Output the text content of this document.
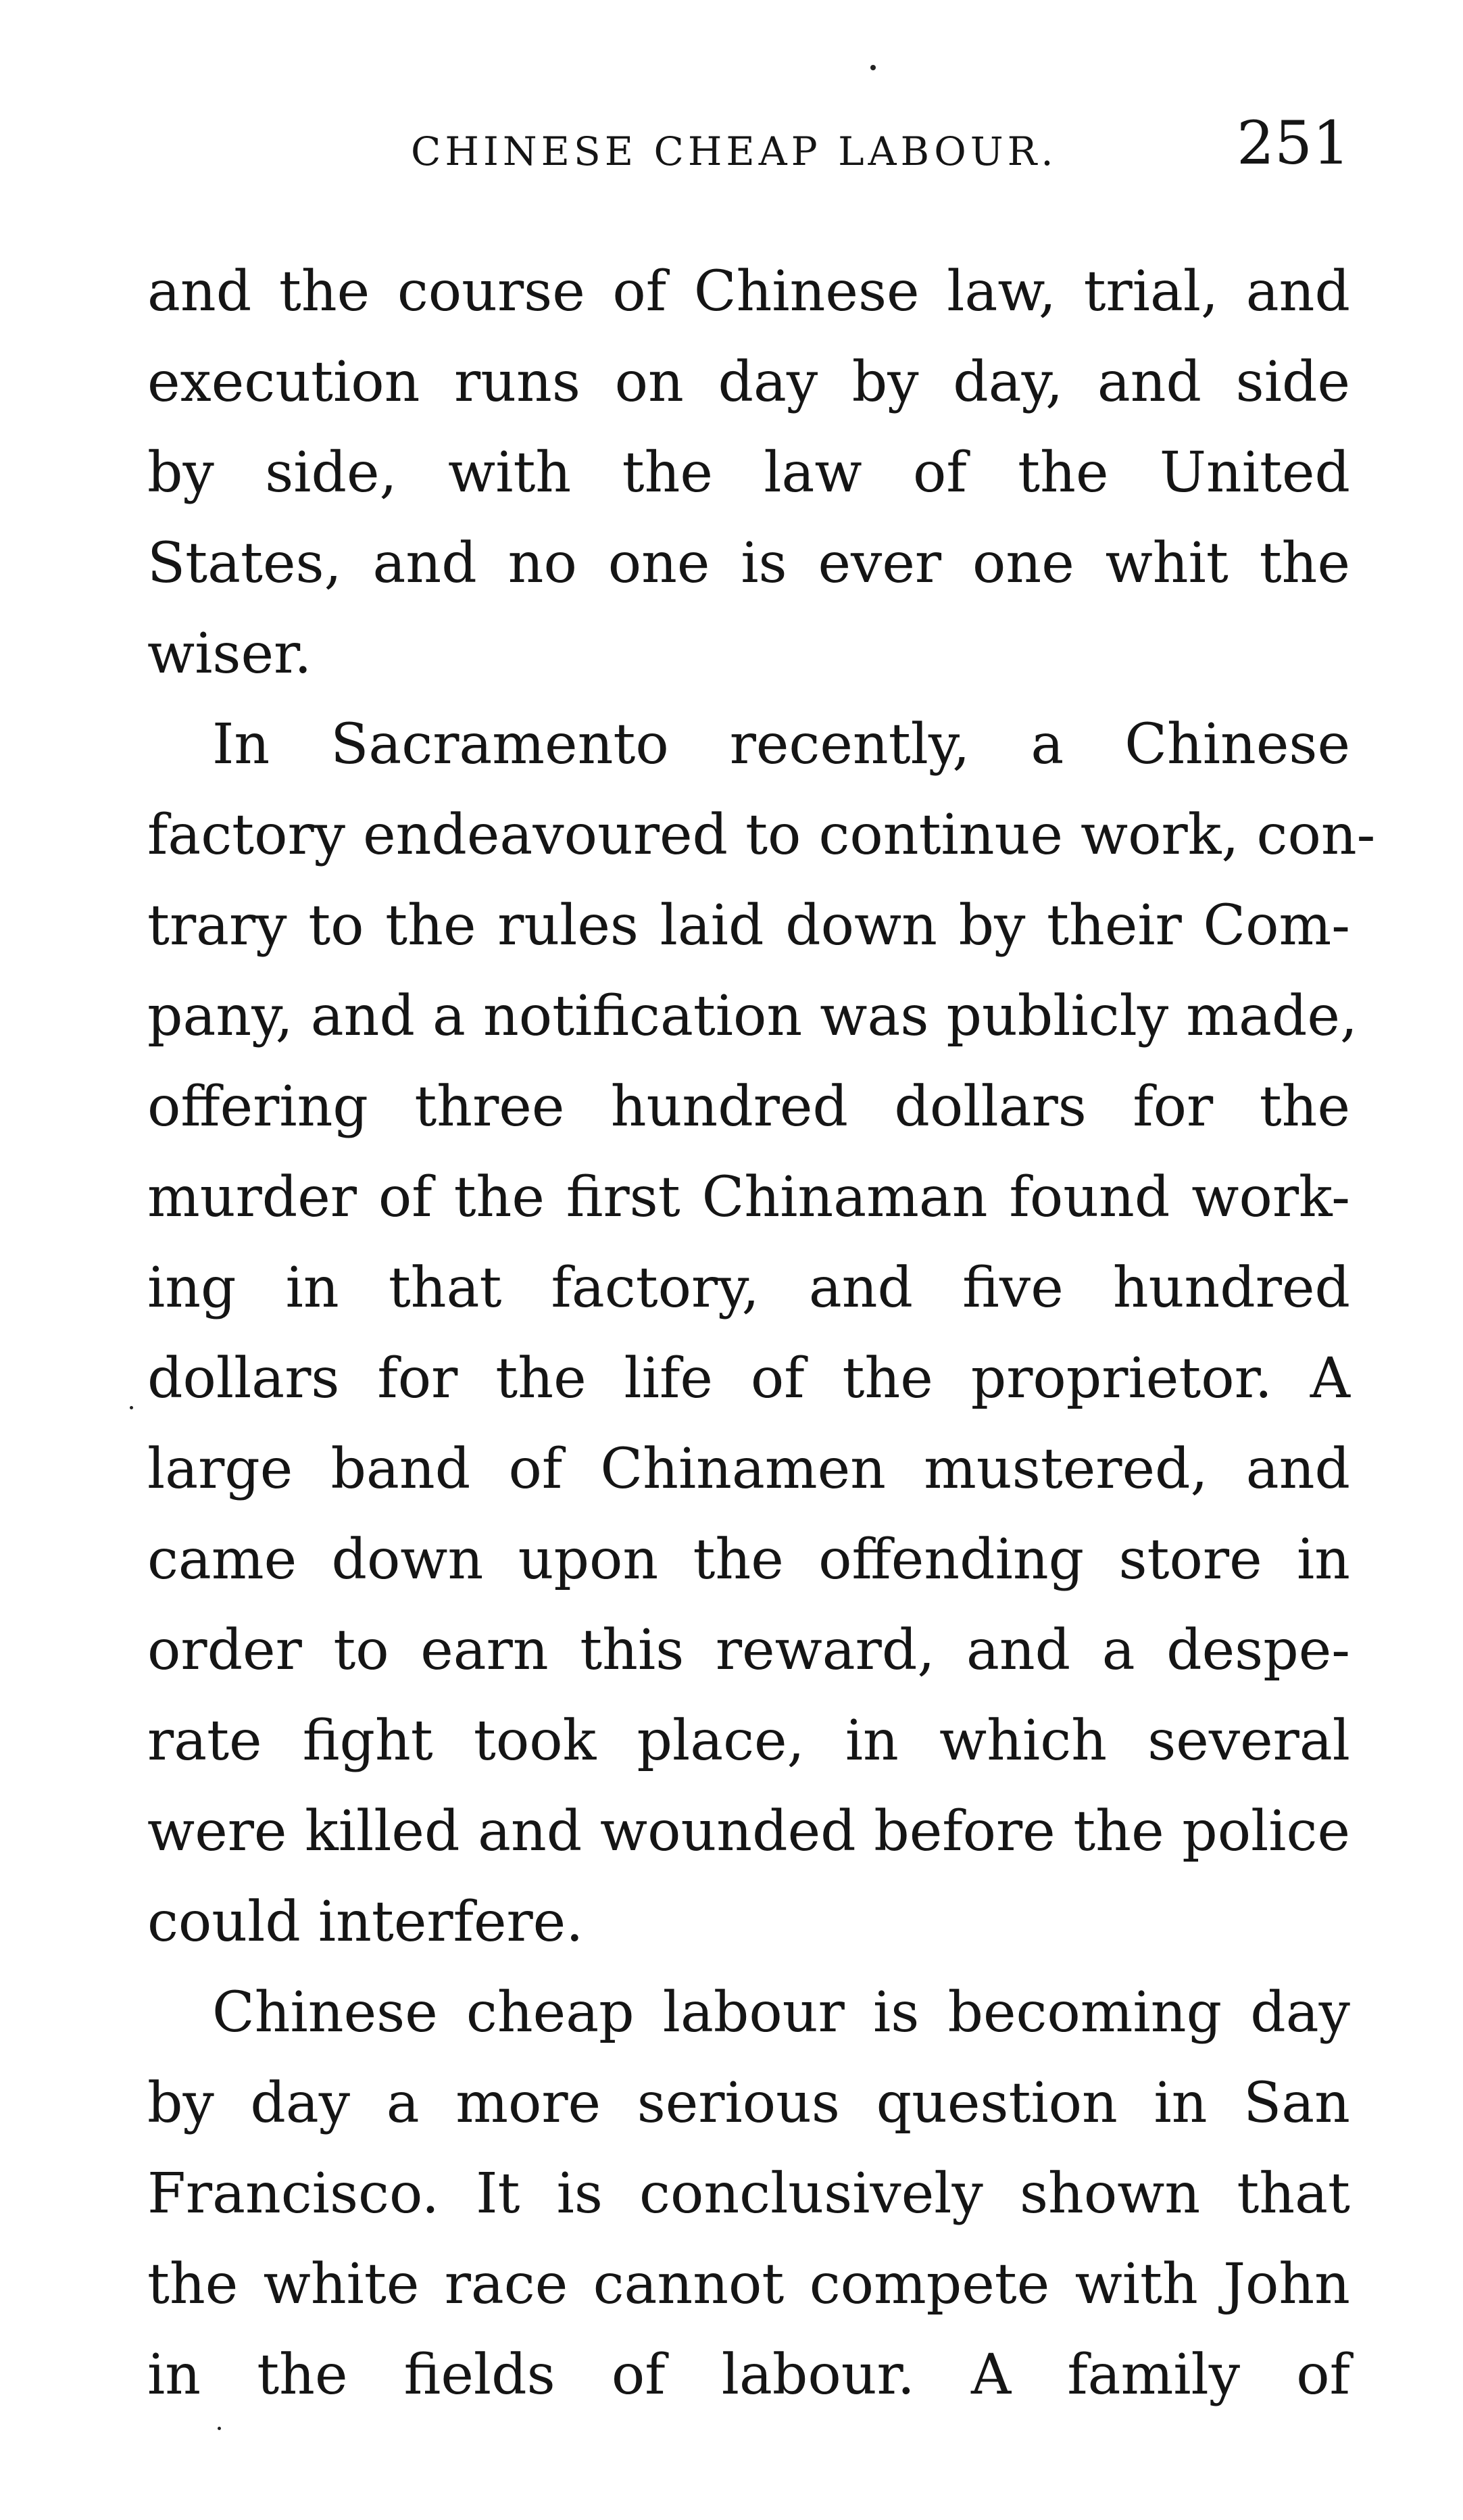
CHINESE CHEAP LABOUR.	251
and the course of Chinese law, trial, and
execution runs on day by day, and side
by side, with the law of the United
States, and no one is ever one whit the
wiser.
In Sacramento recently, a Chinese
factory endeavoured to continue work, con-
trary to the rules laid down by their Com-
pany, and a notification was publicly made,
offering three hundred dollars for the
murder of the first Chinaman found work-
ing in that factory, and five hundred
dollars for the life of the proprietor. A
large band of Chinamen mustered, and
came down upon the offending store in
order to earn this reward, and a despe-
rate fight took place, in which several
were killed and wounded before the police
could interfere.
Chinese cheap labour is becoming day
by day a more serious question in San
Francisco. It is conclusively shown that
the white race cannot compete with John
in the fields of labour. A family of
